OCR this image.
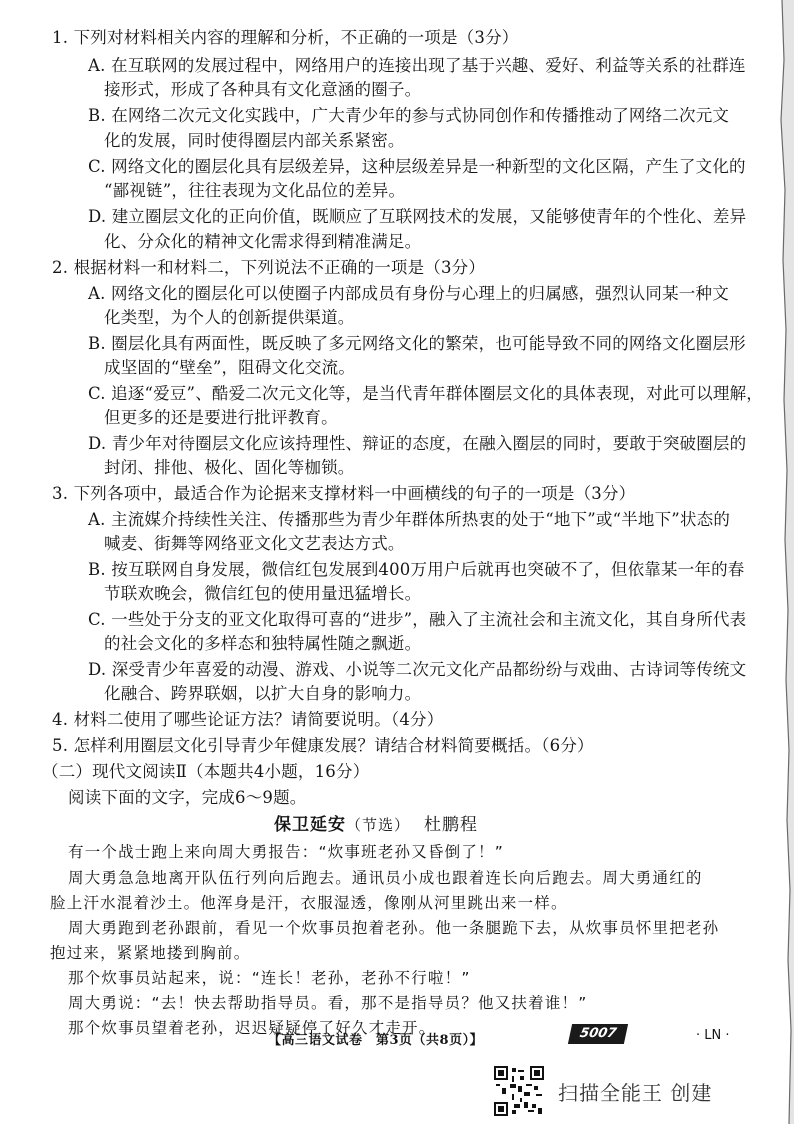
1. 下列对材料相关内容的理解和分析，不正确的一项是（3分）
A. 在互联网的发展过程中，网络用户的连接出现了基于兴趣、爱好、利益等关系的社群连
接形式，形成了各种具有文化意涵的圈子。
B. 在网络二次元文化实践中，广大青少年的参与式协同创作和传播推动了网络二次元文
化的发展，同时使得圈层内部关系紧密。
C. 网络文化的圈层化具有层级差异，这种层级差异是一种新型的文化区隔，产生了文化的
“鄙视链”，往往表现为文化品位的差异。
D. 建立圈层文化的正向价值，既顺应了互联网技术的发展，又能够使青年的个性化、差异
化、分众化的精神文化需求得到精准满足。
2. 根据材料一和材料二，下列说法不正确的一项是（3分）
A. 网络文化的圈层化可以使圈子内部成员有身份与心理上的归属感，强烈认同某一种文
化类型，为个人的创新提供渠道。
B. 圈层化具有两面性，既反映了多元网络文化的繁荣，也可能导致不同的网络文化圈层形
成坚固的“壁垒”，阻碍文化交流。
C. 追逐“爱豆”、酷爱二次元文化等，是当代青年群体圈层文化的具体表现，对此可以理解，
但更多的还是要进行批评教育。
D. 青少年对待圈层文化应该持理性、辩证的态度，在融入圈层的同时，要敢于突破圈层的
封闭、排他、极化、固化等枷锁。
3. 下列各项中，最适合作为论据来支撑材料一中画横线的句子的一项是（3分）
A. 主流媒介持续性关注、传播那些为青少年群体所热衷的处于“地下”或“半地下”状态的
喊麦、街舞等网络亚文化文艺表达方式。
B. 按互联网自身发展，微信红包发展到400万用户后就再也突破不了，但依靠某一年的春
节联欢晚会，微信红包的使用量迅猛增长。
C. 一些处于分支的亚文化取得可喜的“进步”，融入了主流社会和主流文化，其自身所代表
的社会文化的多样态和独特属性随之飘逝。
D. 深受青少年喜爱的动漫、游戏、小说等二次元文化产品都纷纷与戏曲、古诗词等传统文
化融合、跨界联姻，以扩大自身的影响力。
4. 材料二使用了哪些论证方法？请简要说明。（4分）
5. 怎样利用圈层文化引导青少年健康发展？请结合材料简要概括。（6分）
（二）现代文阅读Ⅱ（本题共4小题，16分）
阅读下面的文字，完成6～9题。
保卫延安（节选） 杜鹏程
有一个战士跑上来向周大勇报告：“炊事班老孙又昏倒了！”
周大勇急急地离开队伍行列向后跑去。通讯员小成也跟着连长向后跑去。周大勇通红的
脸上汗水混着沙土。他浑身是汗，衣服湿透，像刚从河里跳出来一样。
周大勇跑到老孙跟前，看见一个炊事员抱着老孙。他一条腿跪下去，从炊事员怀里把老孙
抱过来，紧紧地搂到胸前。
那个炊事员站起来，说：“连长！老孙，老孙不行啦！”
周大勇说：“去！快去帮助指导员。看，那不是指导员？他又扶着谁！”
那个炊事员望着老孙，迟迟疑疑停了好久才走开。
【高三语文试卷　第3页（共8页）】	5007	· LN ·
扫描全能王 创建
